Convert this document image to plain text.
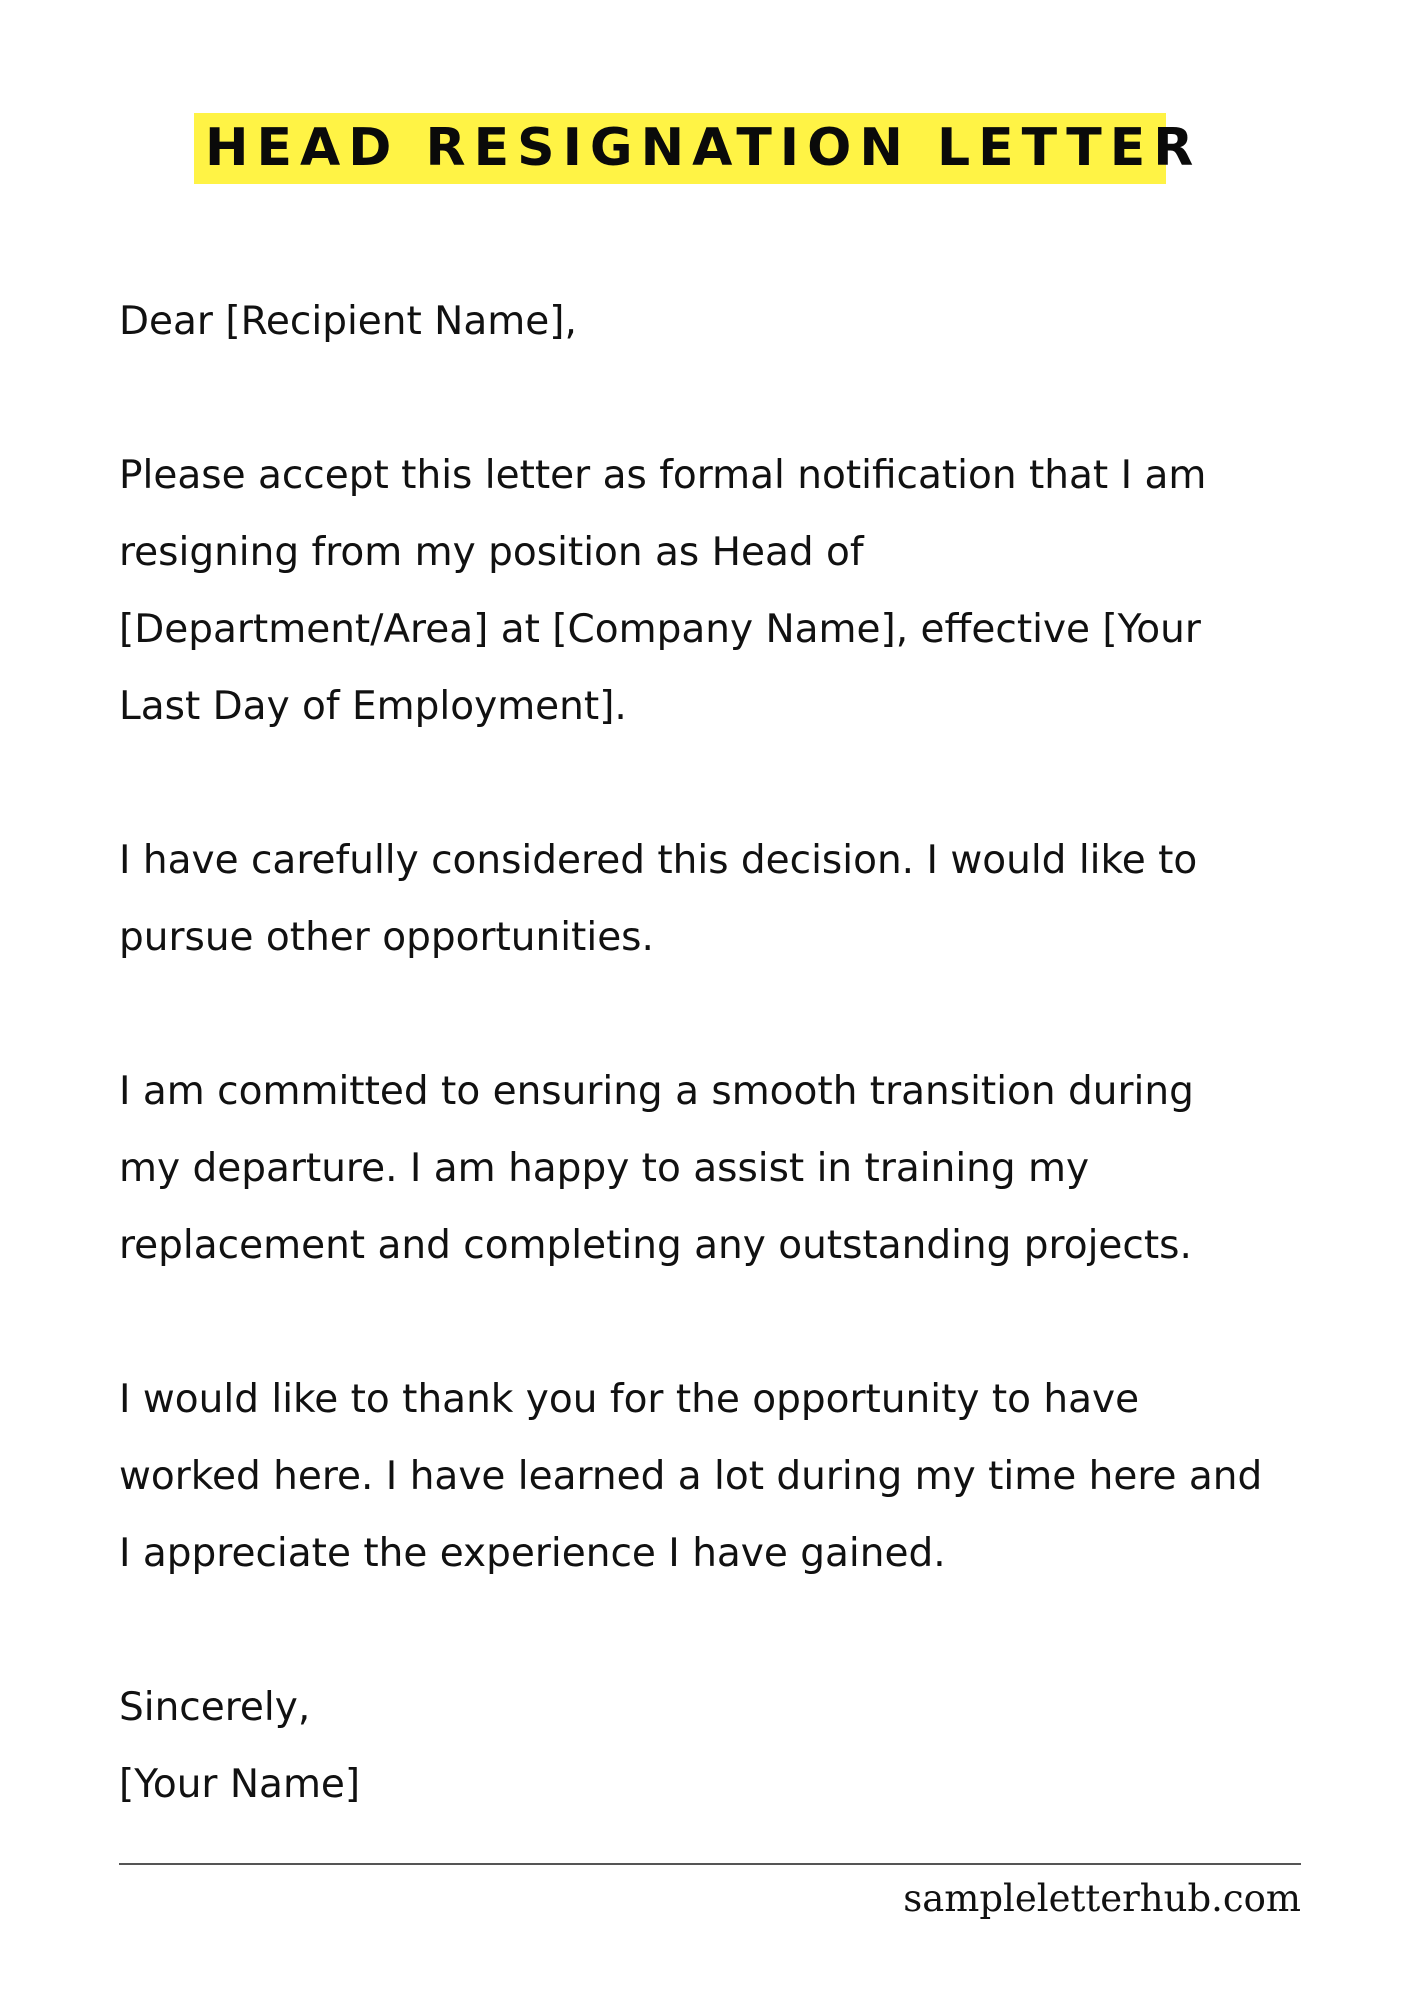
HEAD RESIGNATION LETTER
Dear [Recipient Name],
Please accept this letter as formal notification that I am
resigning from my position as Head of
[Department/Area] at [Company Name], effective [Your
Last Day of Employment].
I have carefully considered this decision. I would like to
pursue other opportunities.
I am committed to ensuring a smooth transition during
my departure. I am happy to assist in training my
replacement and completing any outstanding projects.
I would like to thank you for the opportunity to have
worked here. I have learned a lot during my time here and
I appreciate the experience I have gained.
Sincerely,
[Your Name]
sampleletterhub.com
